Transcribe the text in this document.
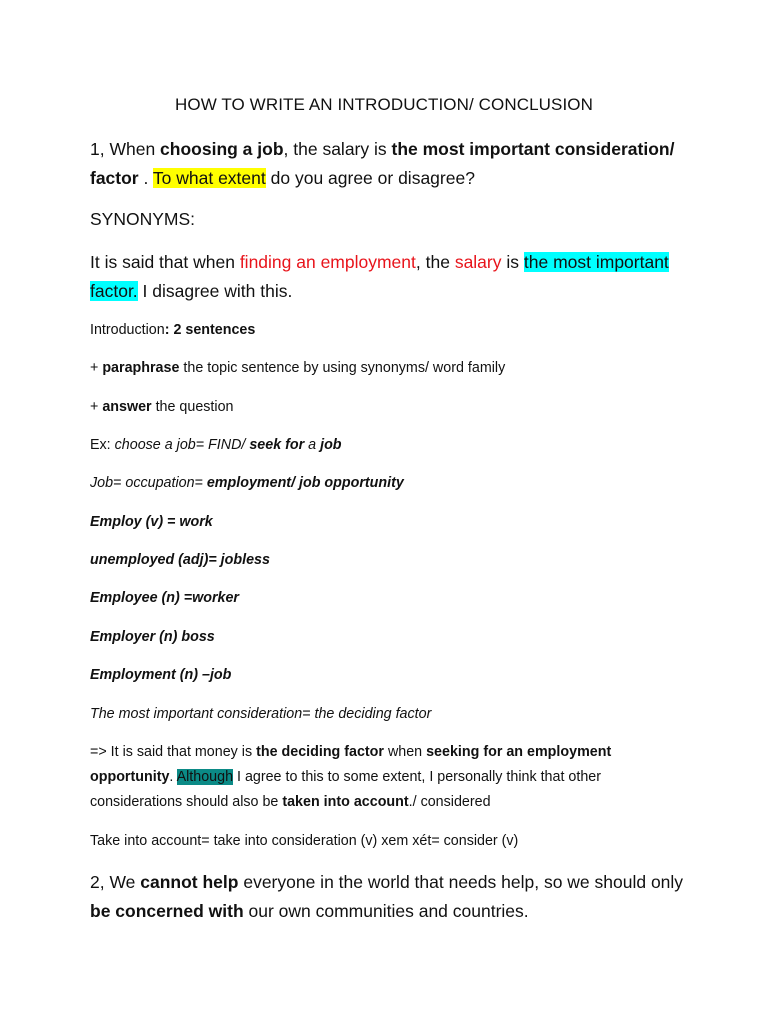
HOW TO WRITE AN INTRODUCTION/ CONCLUSION
1, When choosing a job, the salary is the most important consideration/ factor . To what extent do you agree or disagree?
SYNONYMS:
It is said that when finding an employment, the salary is the most important factor. I disagree with this.
Introduction: 2 sentences
+ paraphrase the topic sentence by using synonyms/ word family
+ answer the question
Ex: choose a job= FIND/ seek for a job
Job= occupation= employment/ job opportunity
Employ (v) = work
unemployed (adj)= jobless
Employee (n) =worker
Employer (n) boss
Employment (n) –job
The most important consideration= the deciding factor
=> It is said that money is the deciding factor when seeking for an employment opportunity. Although I agree to this to some extent, I personally think that other considerations should also be taken into account./ considered
Take into account= take into consideration (v) xem xét= consider (v)
2, We cannot help everyone in the world that needs help, so we should only be concerned with our own communities and countries.
